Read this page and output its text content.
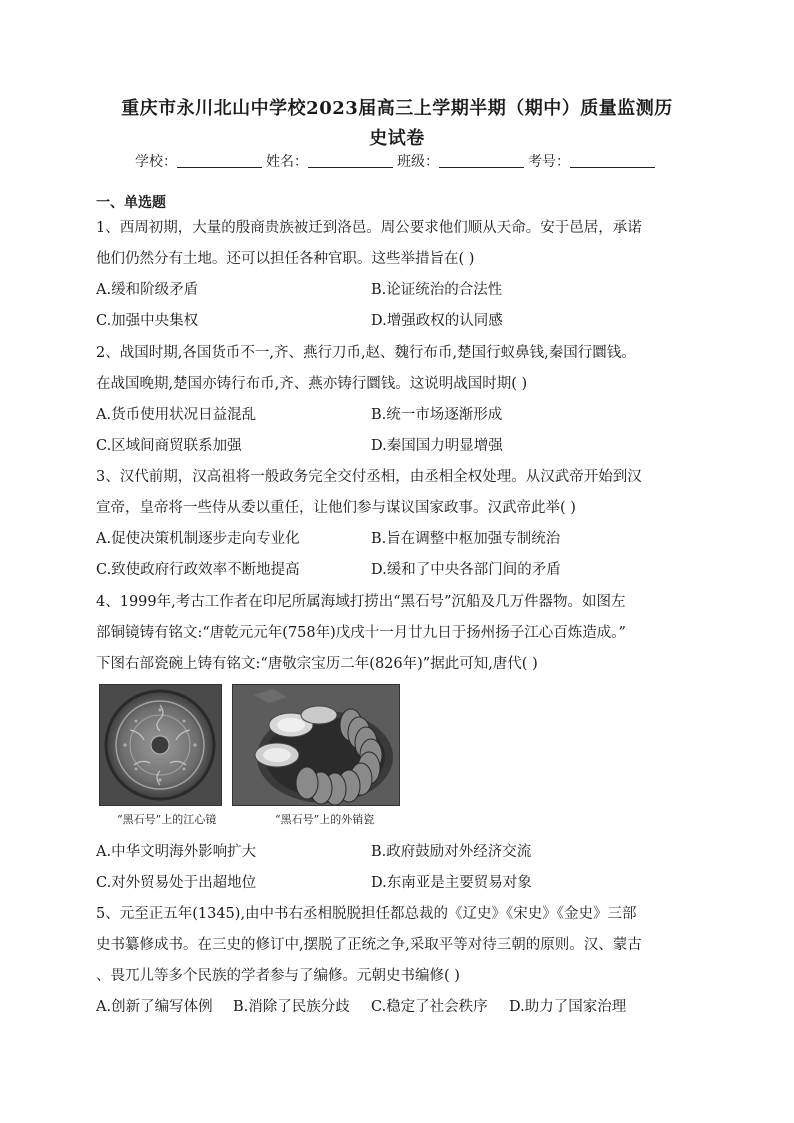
重庆市永川北山中学校2023届高三上学期半期（期中）质量监测历
史试卷
学校：	姓名：	班级：	考号：
一、单选题
1、西周初期，大量的殷商贵族被迁到洛邑。周公要求他们顺从天命。安于邑居，承诺
他们仍然分有土地。还可以担任各种官职。这些举措旨在( )
A.缓和阶级矛盾	B.论证统治的合法性
C.加强中央集权	D.增强政权的认同感
2、战国时期,各国货币不一,齐、燕行刀币,赵、魏行布币,楚国行蚁鼻钱,秦国行圜钱。
在战国晚期,楚国亦铸行布币,齐、燕亦铸行圜钱。这说明战国时期( )
A.货币使用状况日益混乱	B.统一市场逐渐形成
C.区域间商贸联系加强	D.秦国国力明显增强
3、汉代前期，汉高祖将一般政务完全交付丞相，由丞相全权处理。从汉武帝开始到汉
宣帝，皇帝将一些侍从委以重任，让他们参与谋议国家政事。汉武帝此举( )
A.促使决策机制逐步走向专业化	B.旨在调整中枢加强专制统治
C.致使政府行政效率不断地提高	D.缓和了中央各部门间的矛盾
4、1999年,考古工作者在印尼所属海域打捞出“黑石号”沉船及几万件器物。如图左
部铜镜铸有铭文:“唐乾元元年(758年)戊戌十一月廿九日于扬州扬子江心百炼造成。”
下图右部瓷碗上铸有铭文:“唐敬宗宝历二年(826年)”据此可知,唐代( )
“黑石号”上的江心镜	“黑石号”上的外销瓷
A.中华文明海外影响扩大	B.政府鼓励对外经济交流
C.对外贸易处于出超地位	D.东南亚是主要贸易对象
5、元至正五年(1345),由中书右丞相脱脱担任都总裁的《辽史》《宋史》《金史》三部
史书纂修成书。在三史的修订中,摆脱了正统之争,采取平等对待三朝的原则。汉、蒙古
、畏兀儿等多个民族的学者参与了编修。元朝史书编修( )
A.创新了编写体例 B.消除了民族分歧 C.稳定了社会秩序 D.助力了国家治理
